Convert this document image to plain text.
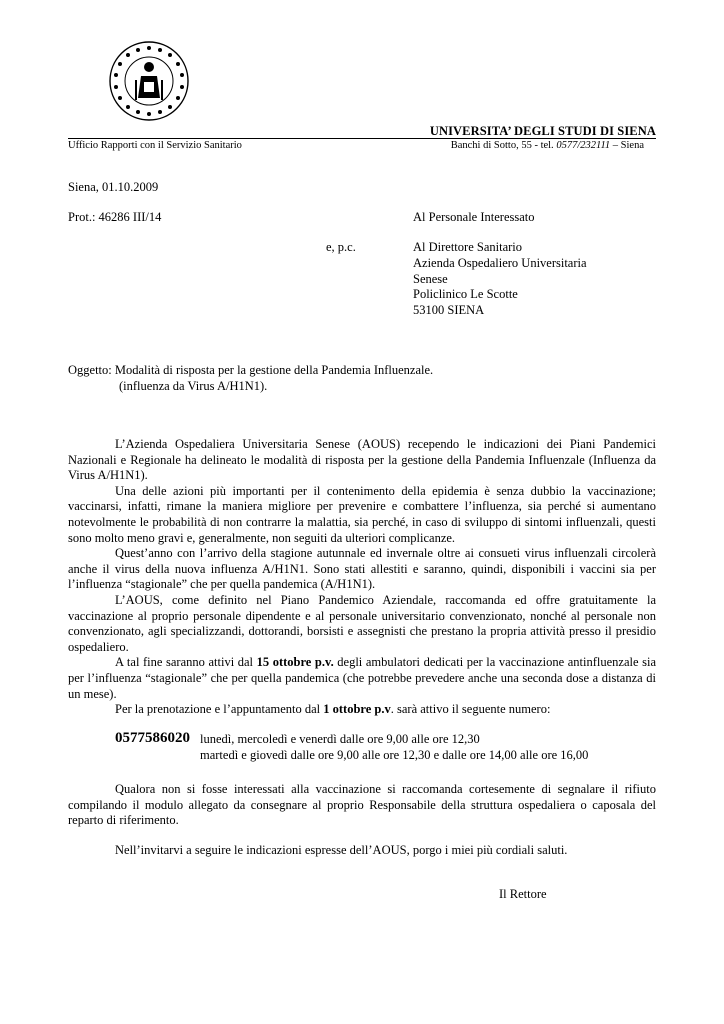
UNIVERSITA’ DEGLI STUDI DI SIENA
Ufficio Rapporti con il Servizio Sanitario	Banchi di Sotto, 55 - tel. 0577/232111 – Siena
Siena, 01.10.2009
Prot.: 46286 III/14	Al Personale Interessato
e, p.c.	Al Direttore Sanitario
Azienda Ospedaliero Universitaria
Senese
Policlinico Le Scotte
53100 SIENA
Oggetto: Modalità di risposta per la gestione della Pandemia Influenzale.
(influenza da Virus A/H1N1).

L’Azienda Ospedaliera Universitaria Senese (AOUS) recependo le indicazioni dei Piani Pandemici Nazionali e Regionale ha delineato le modalità di risposta per la gestione della Pandemia Influenzale (Influenza da Virus A/H1N1).

Una delle azioni più importanti per il contenimento della epidemia è senza dubbio la vaccinazione; vaccinarsi, infatti, rimane la maniera migliore per prevenire e combattere l’influenza, sia perché si aumentano notevolmente le probabilità di non contrarre la malattia, sia perché, in caso di sviluppo di sintomi influenzali, questi sono molto meno gravi e, generalmente, non seguiti da ulteriori complicanze.

Quest’anno con l’arrivo della stagione autunnale ed invernale oltre ai consueti virus influenzali circolerà anche il virus della nuova influenza A/H1N1. Sono stati allestiti e saranno, quindi, disponibili i vaccini sia per l’influenza “stagionale” che per quella pandemica (A/H1N1).

L’AOUS, come definito nel Piano Pandemico Aziendale, raccomanda ed offre gratuitamente la vaccinazione al proprio personale dipendente e al personale universitario convenzionato, nonché al personale non convenzionato, agli specializzandi, dottorandi, borsisti e assegnisti che prestano la propria attività presso il presidio ospedaliero.

A tal fine saranno attivi dal 15 ottobre p.v. degli ambulatori dedicati per la vaccinazione antinfluenzale sia per l’influenza “stagionale” che per quella pandemica (che potrebbe prevedere anche una seconda dose a distanza di un mese).

Per la prenotazione e l’appuntamento dal 1 ottobre p.v. sarà attivo il seguente numero:

0577586020 lunedì, mercoledì e venerdì dalle ore 9,00 alle ore 12,30
martedì e giovedì dalle ore 9,00 alle ore 12,30 e dalle ore 14,00 alle ore 16,00

Qualora non si fosse interessati alla vaccinazione si raccomanda cortesemente di segnalare il rifiuto compilando il modulo allegato da consegnare al proprio Responsabile della struttura ospedaliera o caposala del reparto di riferimento.

Nell’invitarvi a seguire le indicazioni espresse dell’AOUS, porgo i miei più cordiali saluti.
Il Rettore
